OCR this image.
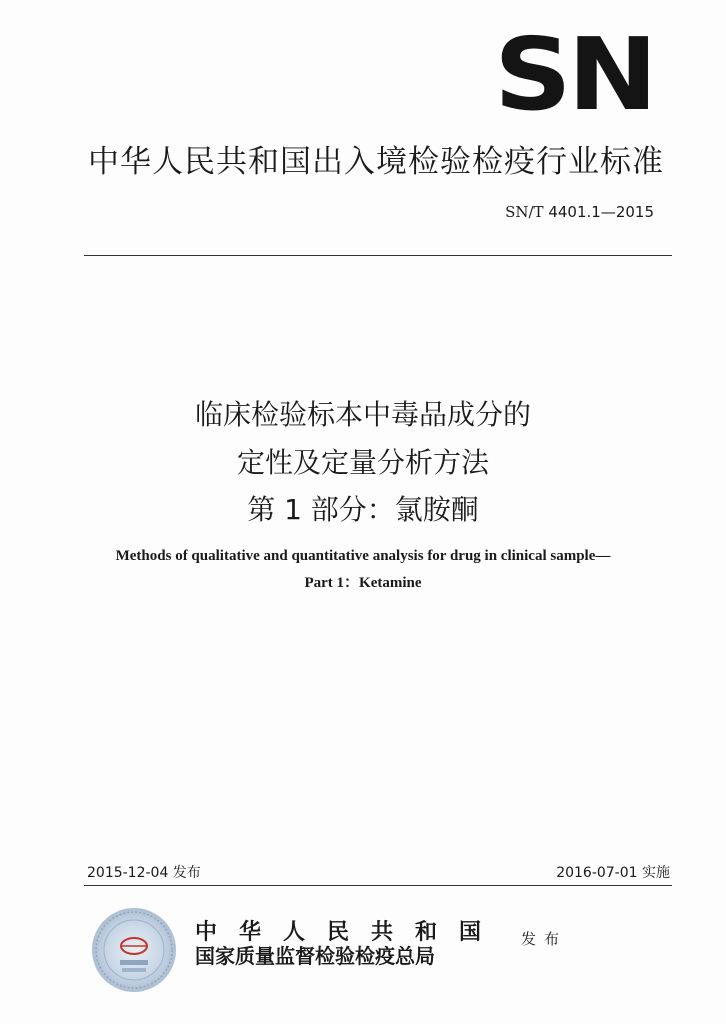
SN
中华人民共和国出入境检验检疫行业标准
SN/T 4401.1—2015
临床检验标本中毒品成分的
定性及定量分析方法
第 1 部分：氯胺酮
Methods of qualitative and quantitative analysis for drug in clinical sample—
Part 1：Ketamine
2015-12-04 发布	2016-07-01 实施
中华人民共和国
国家质量监督检验检疫总局
发布
